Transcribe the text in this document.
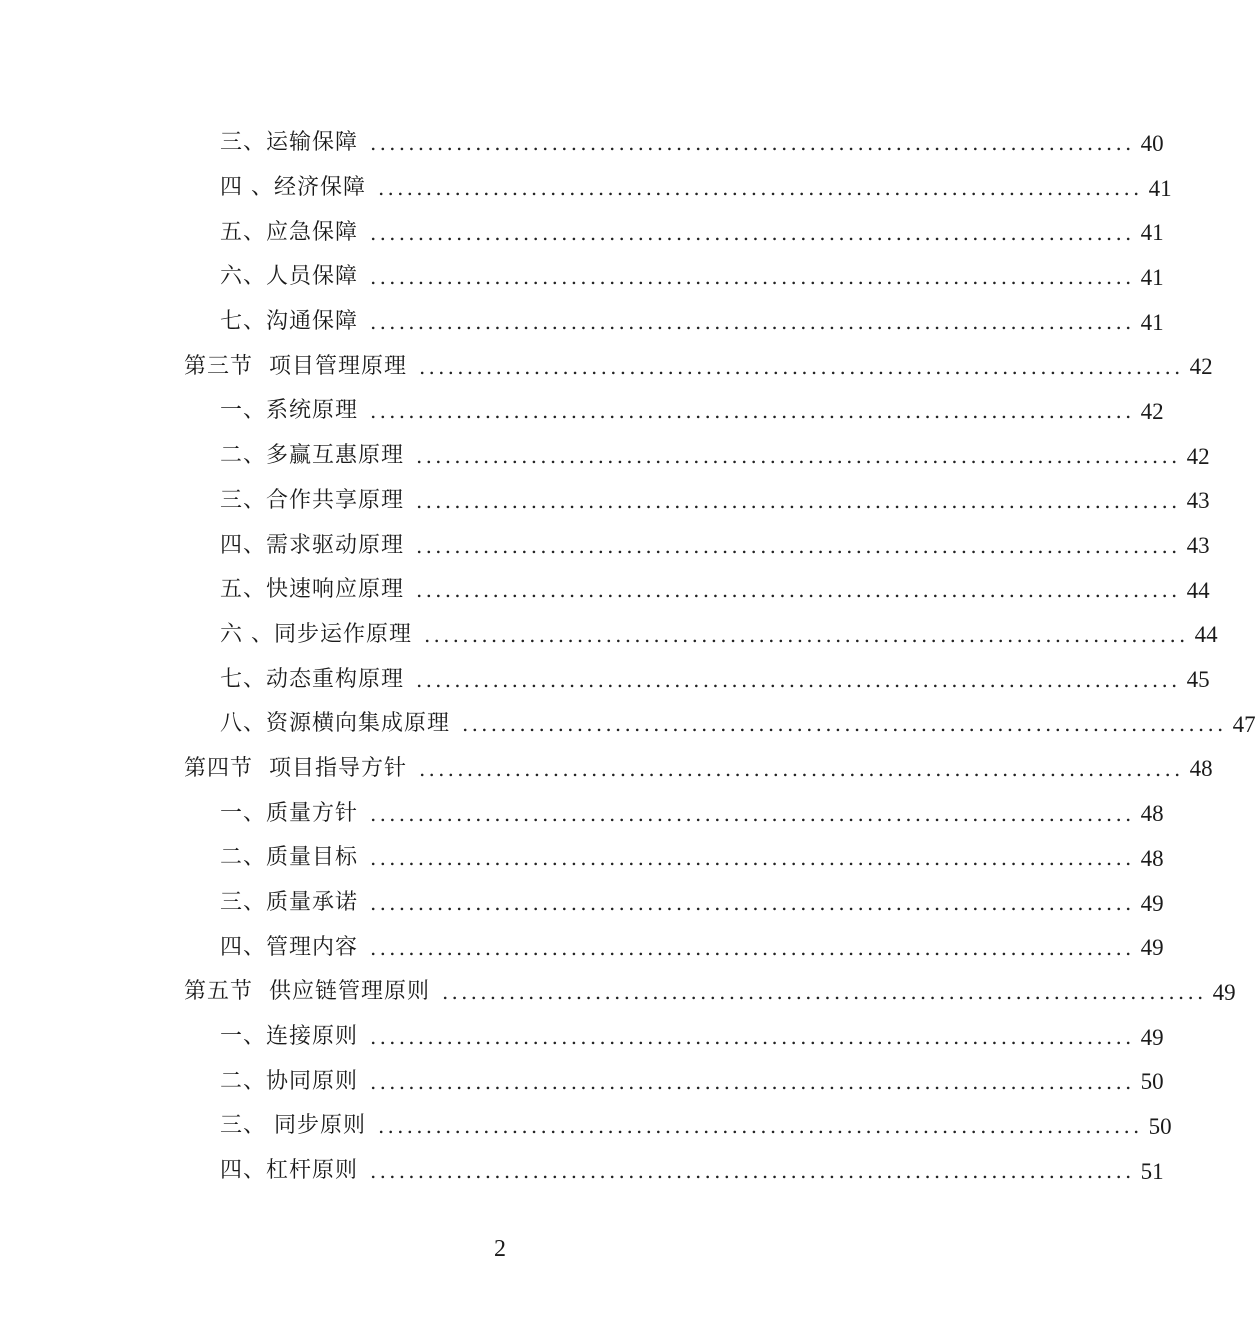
三、运输保障 ................................................................................ 40
四 、经济保障 ................................................................................ 41
五、应急保障 ................................................................................ 41
六、人员保障 ................................................................................ 41
七、沟通保障 ................................................................................ 41
第三节  项目管理原理 ................................................................................ 42
一、系统原理 ................................................................................ 42
二、多赢互惠原理 ................................................................................ 42
三、合作共享原理 ................................................................................ 43
四、需求驱动原理 ................................................................................ 43
五、快速响应原理 ................................................................................ 44
六 、同步运作原理 ................................................................................ 44
七、动态重构原理 ................................................................................ 45
八、资源横向集成原理 ................................................................................ 47
第四节  项目指导方针 ................................................................................ 48
一、质量方针 ................................................................................ 48
二、质量目标 ................................................................................ 48
三、质量承诺 ................................................................................ 49
四、管理内容 ................................................................................ 49
第五节  供应链管理原则 ................................................................................ 49
一、连接原则 ................................................................................ 49
二、协同原则 ................................................................................ 50
三、 同步原则 ................................................................................ 50
四、杠杆原则 ................................................................................ 51
2
